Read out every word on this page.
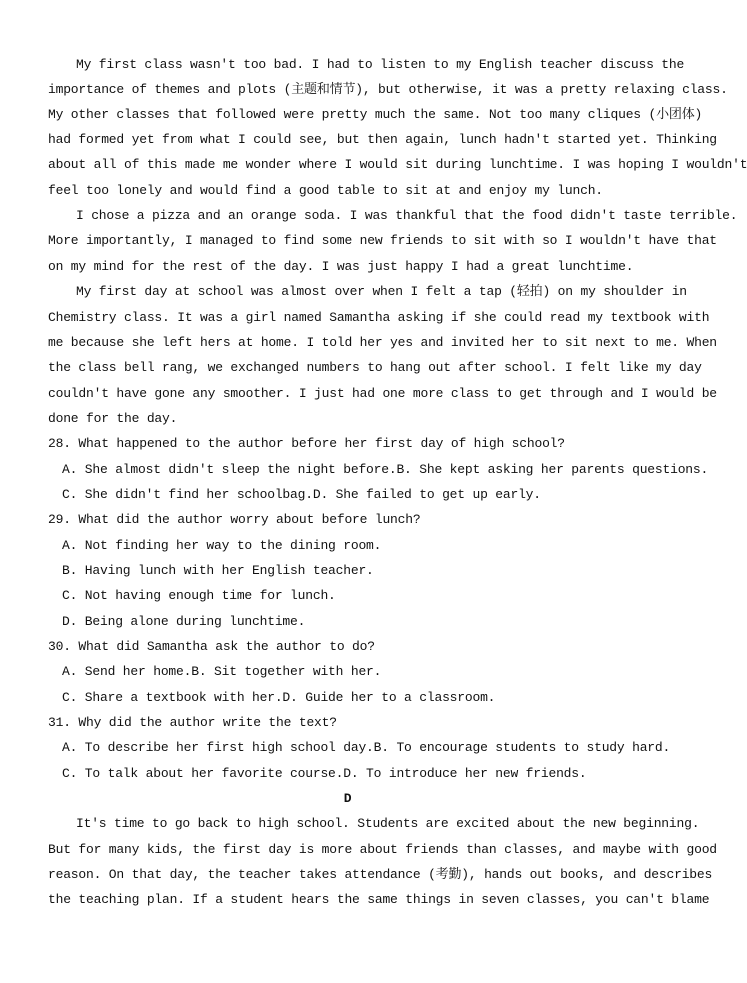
My first class wasn't too bad. I had to listen to my English teacher discuss the
importance of themes and plots (主题和情节), but otherwise, it was a pretty relaxing class.
My other classes that followed were pretty much the same. Not too many cliques (小团体)
had formed yet from what I could see, but then again, lunch hadn't started yet. Thinking
about all of this made me wonder where I would sit during lunchtime. I was hoping I wouldn't
feel too lonely and would find a good table to sit at and enjoy my lunch.
I chose a pizza and an orange soda. I was thankful that the food didn't taste terrible.
More importantly, I managed to find some new friends to sit with so I wouldn't have that
on my mind for the rest of the day. I was just happy I had a great lunchtime.
My first day at school was almost over when I felt a tap (轻拍) on my shoulder in
Chemistry class. It was a girl named Samantha asking if she could read my textbook with
me because she left hers at home. I told her yes and invited her to sit next to me. When
the class bell rang, we exchanged numbers to hang out after school. I felt like my day
couldn't have gone any smoother. I just had one more class to get through and I would be
done for the day.
28. What happened to the author before her first day of high school?
A. She almost didn't sleep the night before.B. She kept asking her parents questions.
C. She didn't find her schoolbag.D. She failed to get up early.
29. What did the author worry about before lunch?
A. Not finding her way to the dining room.
B. Having lunch with her English teacher.
C. Not having enough time for lunch.
D. Being alone during lunchtime.
30. What did Samantha ask the author to do?
A. Send her home.B. Sit together with her.
C. Share a textbook with her.D. Guide her to a classroom.
31. Why did the author write the text?
A. To describe her first high school day.B. To encourage students to study hard.
C. To talk about her favorite course.D. To introduce her new friends.
D
It's time to go back to high school. Students are excited about the new beginning.
But for many kids, the first day is more about friends than classes, and maybe with good
reason. On that day, the teacher takes attendance (考勤), hands out books, and describes
the teaching plan. If a student hears the same things in seven classes, you can't blame
